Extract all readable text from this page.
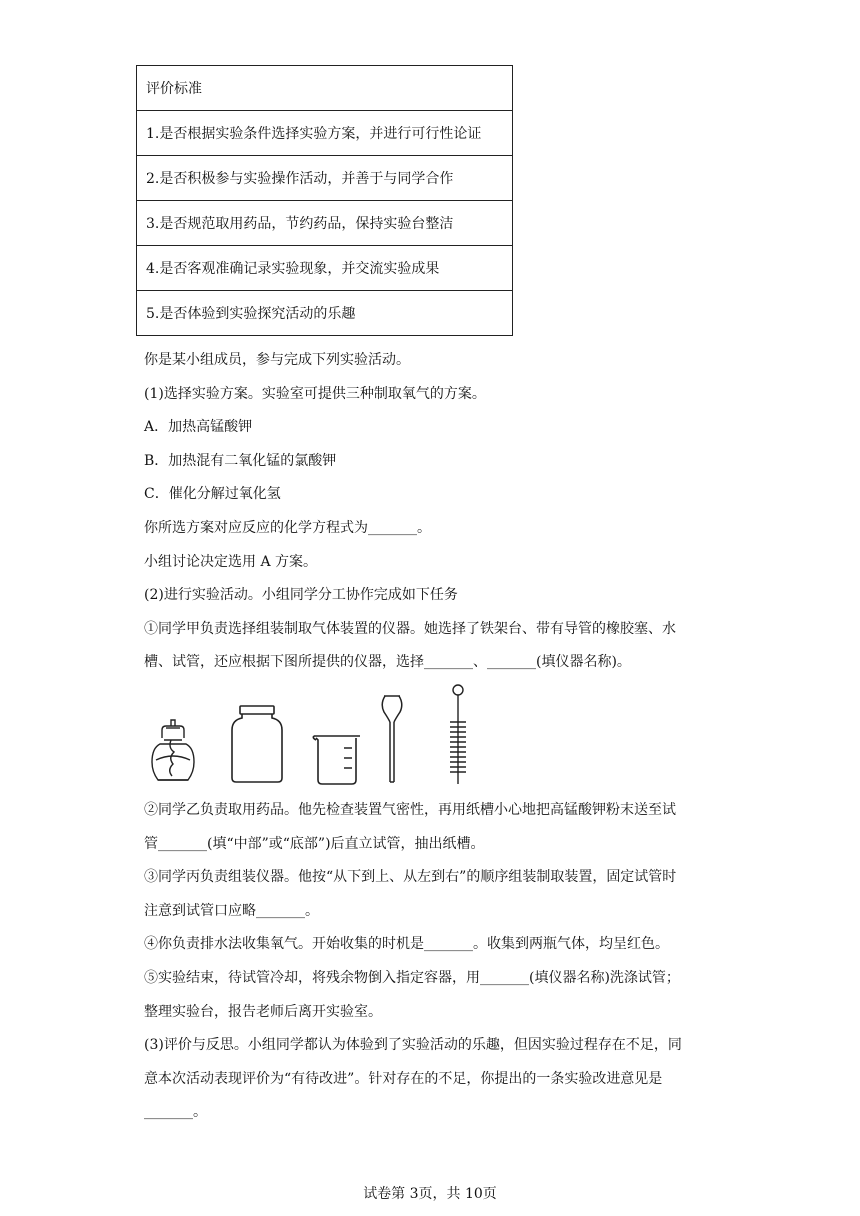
评价标准
1.是否根据实验条件选择实验方案，并进行可行性论证
2.是否积极参与实验操作活动，并善于与同学合作
3.是否规范取用药品，节约药品，保持实验台整洁
4.是否客观准确记录实验现象，并交流实验成果
5.是否体验到实验探究活动的乐趣
你是某小组成员，参与完成下列实验活动。
(1)选择实验方案。实验室可提供三种制取氧气的方案。
A．加热高锰酸钾
B．加热混有二氧化锰的氯酸钾
C．催化分解过氧化氢
你所选方案对应反应的化学方程式为_______。
小组讨论决定选用 A 方案。
(2)进行实验活动。小组同学分工协作完成如下任务
①同学甲负责选择组装制取气体装置的仪器。她选择了铁架台、带有导管的橡胶塞、水
槽、试管，还应根据下图所提供的仪器，选择_______、_______(填仪器名称)。
②同学乙负责取用药品。他先检查装置气密性，再用纸槽小心地把高锰酸钾粉末送至试
管_______(填“中部”或“底部”)后直立试管，抽出纸槽。
③同学丙负责组装仪器。他按“从下到上、从左到右”的顺序组装制取装置，固定试管时
注意到试管口应略_______。
④你负责排水法收集氧气。开始收集的时机是_______。收集到两瓶气体，均呈红色。
⑤实验结束，待试管冷却，将残余物倒入指定容器，用_______(填仪器名称)洗涤试管；
整理实验台，报告老师后离开实验室。
(3)评价与反思。小组同学都认为体验到了实验活动的乐趣，但因实验过程存在不足，同
意本次活动表现评价为“有待改进”。针对存在的不足，你提出的一条实验改进意见是
_______。
试卷第 3页，共 10页
